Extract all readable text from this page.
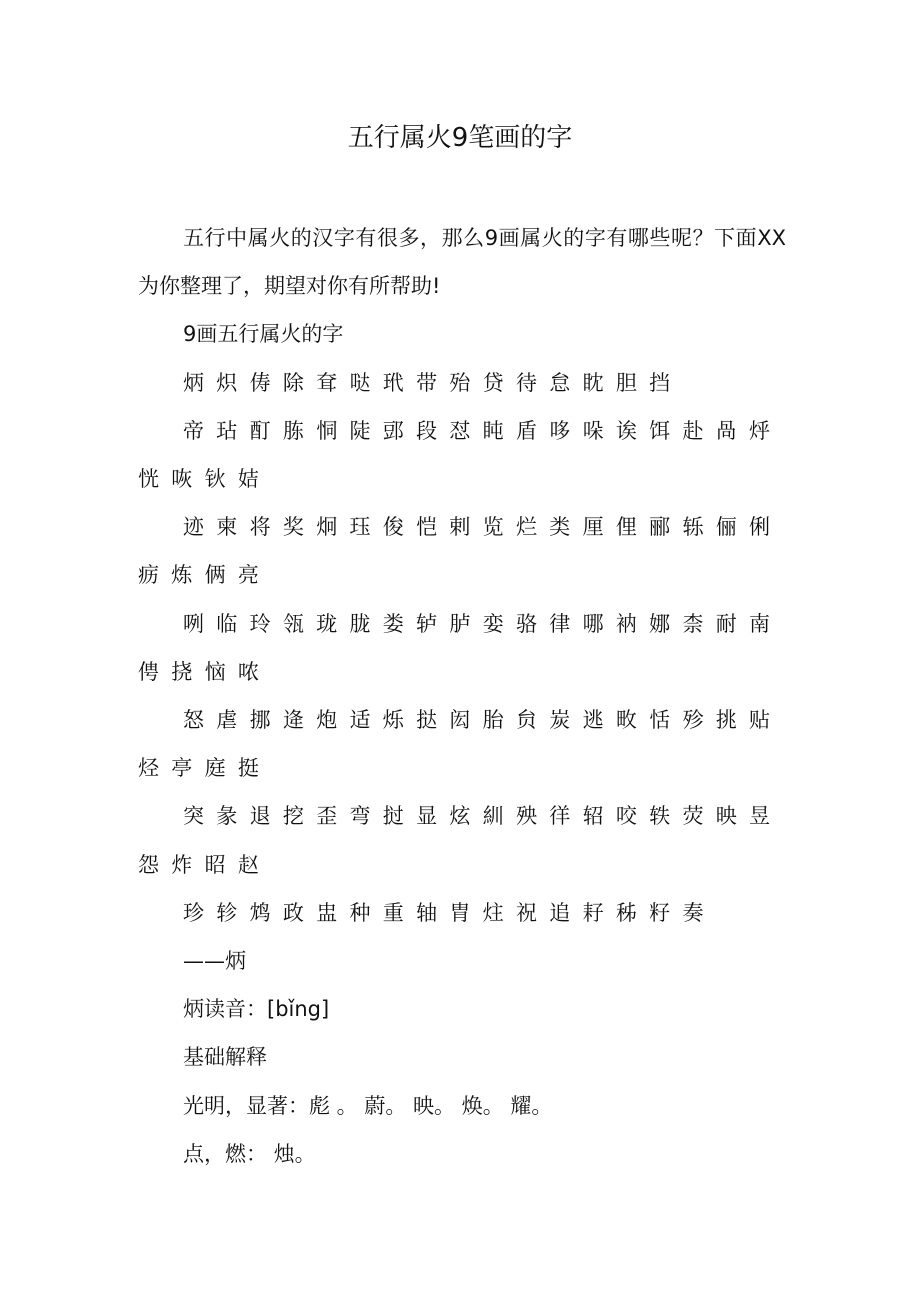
五行属火9笔画的字

五行中属火的汉字有很多，那么9画属火的字有哪些呢？下面XX为你整理了，期望对你有所帮助!

9画五行属火的字

炳 炽 俦 除 耷 哒 玳 带 殆 贷 待 怠 眈 胆 挡

帝 玷 酊 胨 恫 陡 郖 段 怼 盹 盾 哆 哚 诶 饵 赴 咼 烀恍 咴 钬 姞

迹 柬 将 奖 炯 珏 俊 恺 剌 览 烂 类 厘 俚 郦 轹 俪 俐疬 炼 俩 亮

咧 临 玲 瓴 珑 胧 娄 轳 胪 娈 骆 律 哪 衲 娜 柰 耐 南俜 挠 恼 哝

怒 虐 挪 逄 炮 适 烁 挞 闳 胎 贠 炭 逃 畋 恬 殄 挑 贴烃 亭 庭 挺

突 彖 退 挖 歪 弯 挝 显 炫 紃 殃 徉 轺 咬 轶 荧 映 昱怨 炸 昭 赵

珍 轸 鸩 政 盅 种 重 轴 胄 炷 祝 追 耔 秭 籽 奏

——炳

炳读音：[bǐng]

基础解释

光明，显著：彪 。 蔚。 映。 焕。 耀。

点，燃： 烛。
